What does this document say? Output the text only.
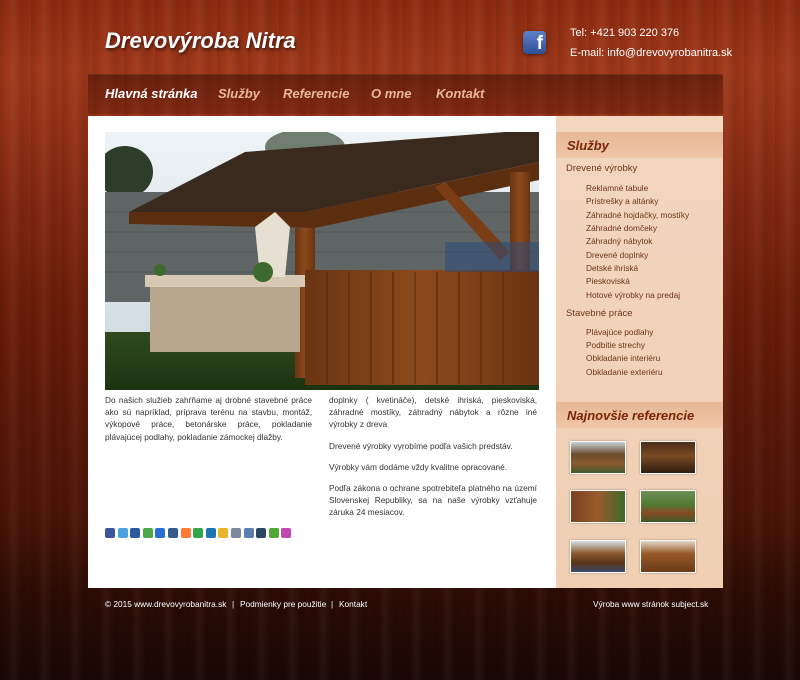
Drevovýroba Nitra	f Tel: +421 903 220 376
E-mail: info@drevovyrobanitra.sk
Hlavná stránka Služby Referencie O mne Kontakt

Do našich služieb zahŕňame aj drobné stavebné práce ako sú napríklad, príprava terénu na stavbu, montáž, výkopové práce, betonárske práce, pokladanie plávajúcej podlahy, pokladanie zámockej dlažby.

doplnky ( kvetináče), detské ihriská, pieskoviská, záhradné mostíky, záhradný nábytok a rôzne iné výrobky z dreva

Drevené výrobky vyrobíme podľa vašich predstáv.

Výrobky vám dodáme vždy kvalitne opracované.

Podľa zákona o ochrane spotrebiteľa platného na území Slovenskej Republiky, sa na naše výrobky vzťahuje záruka 24 mesiacov.

Služby
Drevené výrobky
Reklamné tabule
Prístrešky a altánky
Záhradné hojdačky, mostíky
Záhradné domčeky
Záhradný nábytok
Drevené doplnky
Detské ihriská
Pieskoviská
Hotové výrobky na predaj
Stavebné práce
Plávajúce podlahy
Podbitie strechy
Obkladanie interiéru
Obkladanie exteriéru
Najnovšie referencie
© 2015 www.drevovyrobanitra.sk | Podmienky pre použitie | Kontakt	Výroba www stránok subject.sk
